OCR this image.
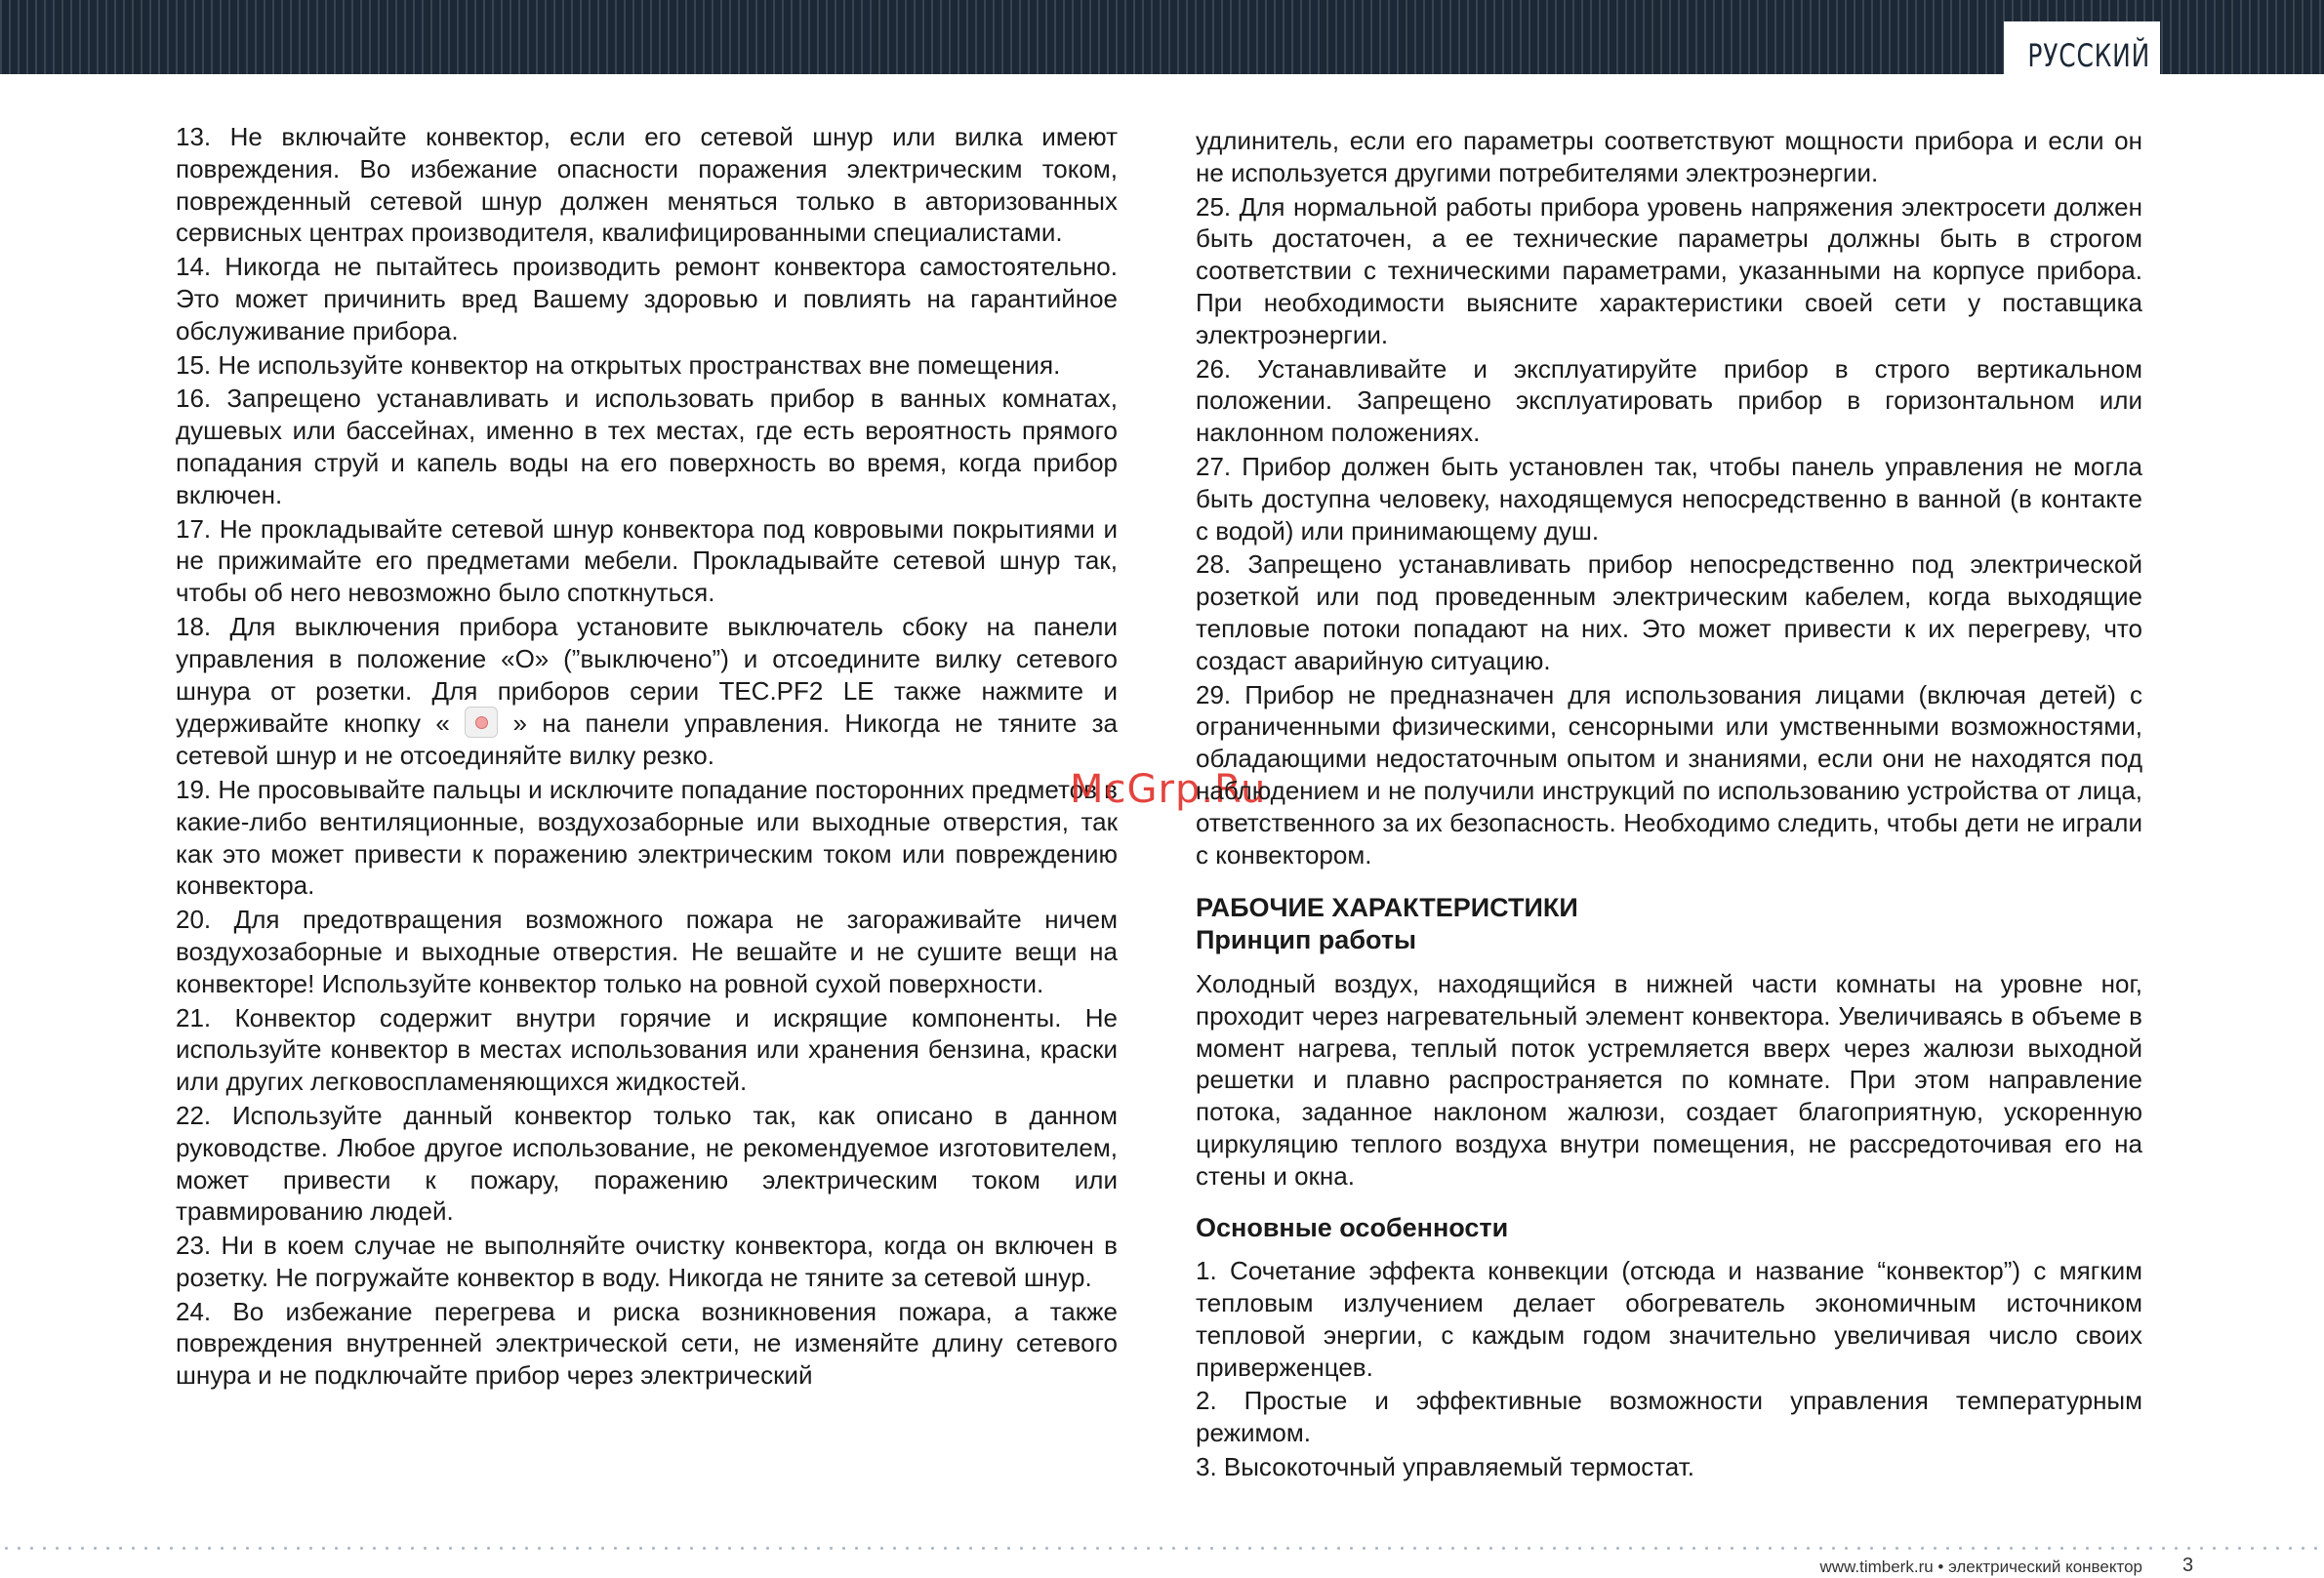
РУССКИЙ

13. Не включайте конвектор, если его сетевой шнур или вилка имеют повреждения. Во избежание опасности поражения электрическим током, поврежденный сетевой шнур должен меняться только в авторизованных сервисных центрах производителя, квалифицированными специалистами.

14. Никогда не пытайтесь производить ремонт конвектора самостоятельно. Это может причинить вред Вашему здоровью и повлиять на гарантийное обслуживание прибора.

15. Не используйте конвектор на открытых пространствах вне помещения.

16. Запрещено устанавливать и использовать прибор в ванных комнатах, душевых или бассейнах, именно в тех местах, где есть вероятность прямого попадания струй и капель воды на его поверхность во время, когда прибор включен.

17. Не прокладывайте сетевой шнур конвектора под ковровыми покрытиями и не прижимайте его предметами мебели. Прокладывайте сетевой шнур так, чтобы об него невозможно было споткнуться.

18. Для выключения прибора установите выключатель сбоку на панели управления в положение «O» (”выключено”) и отсоедините вилку сетевого шнура от розетки. Для приборов серии TEC.PF2 LE также нажмите и удерживайте кнопку « » на панели управления. Никогда не тяните за сетевой шнур и не отсоединяйте вилку резко.

19. Не просовывайте пальцы и исключите попадание посторонних предметов в какие-либо вентиляционные, воздухозаборные или выходные отверстия, так как это может привести к поражению электрическим током или повреждению конвектора.

20. Для предотвращения возможного пожара не загораживайте ничем воздухозаборные и выходные отверстия. Не вешайте и не сушите вещи на конвекторе! Используйте конвектор только на ровной сухой поверхности.

21. Конвектор содержит внутри горячие и искрящие компоненты. Не используйте конвектор в местах использования или хранения бензина, краски или других легковоспламеняющихся жидкостей.

22. Используйте данный конвектор только так, как описано в данном руководстве. Любое другое использование, не рекомендуемое изготовителем, может привести к пожару, поражению электрическим током или травмированию людей.

23. Ни в коем случае не выполняйте очистку конвектора, когда он включен в розетку. Не погружайте конвектор в воду. Никогда не тяните за сетевой шнур.

24. Во избежание перегрева и риска возникновения пожара, а также повреждения внутренней электрической сети, не изменяйте длину сетевого шнура и не подключайте прибор через электрический

McGrp.Ru

удлинитель, если его параметры соответствуют мощности прибора и если он не используется другими потребителями электроэнергии.

25. Для нормальной работы прибора уровень напряжения электросети должен быть достаточен, а ее технические параметры должны быть в строгом соответствии с техническими параметрами, указанными на корпусе прибора. При необходимости выясните характеристики своей сети у поставщика электроэнергии.

26. Устанавливайте и эксплуатируйте прибор в строго вертикальном положении. Запрещено эксплуатировать прибор в горизонтальном или наклонном положениях.

27. Прибор должен быть установлен так, чтобы панель управления не могла быть доступна человеку, находящемуся непосредственно в ванной (в контакте с водой) или принимающему душ.

28. Запрещено устанавливать прибор непосредственно под электрической розеткой или под проведенным электрическим кабелем, когда выходящие тепловые потоки попадают на них. Это может привести к их перегреву, что создаст аварийную ситуацию.

29. Прибор не предназначен для использования лицами (включая детей) с ограниченными физическими, сенсорными или умственными возможностями, обладающими недостаточным опытом и знаниями, если они не находятся под наблюдением и не получили инструкций по использованию устройства от лица, ответственного за их безопасность. Необходимо следить, чтобы дети не играли с конвектором.

РАБОЧИЕ ХАРАКТЕРИСТИКИ

Принцип работы

Холодный воздух, находящийся в нижней части комнаты на уровне ног, проходит через нагревательный элемент конвектора. Увеличиваясь в объеме в момент нагрева, теплый поток устремляется вверх через жалюзи выходной решетки и плавно распространяется по комнате. При этом направление потока, заданное наклоном жалюзи, создает благоприятную, ускоренную циркуляцию теплого воздуха внутри помещения, не рассредоточивая его на стены и окна.

Основные особенности

1. Сочетание эффекта конвекции (отсюда и название “конвектор”) с мягким тепловым излучением делает обогреватель экономичным источником тепловой энергии, с каждым годом значительно увеличивая число своих приверженцев.

2. Простые и эффективные возможности управления температурным режимом.

3. Высокоточный управляемый термостат.

www.timberk.ru • электрический конвектор 3
